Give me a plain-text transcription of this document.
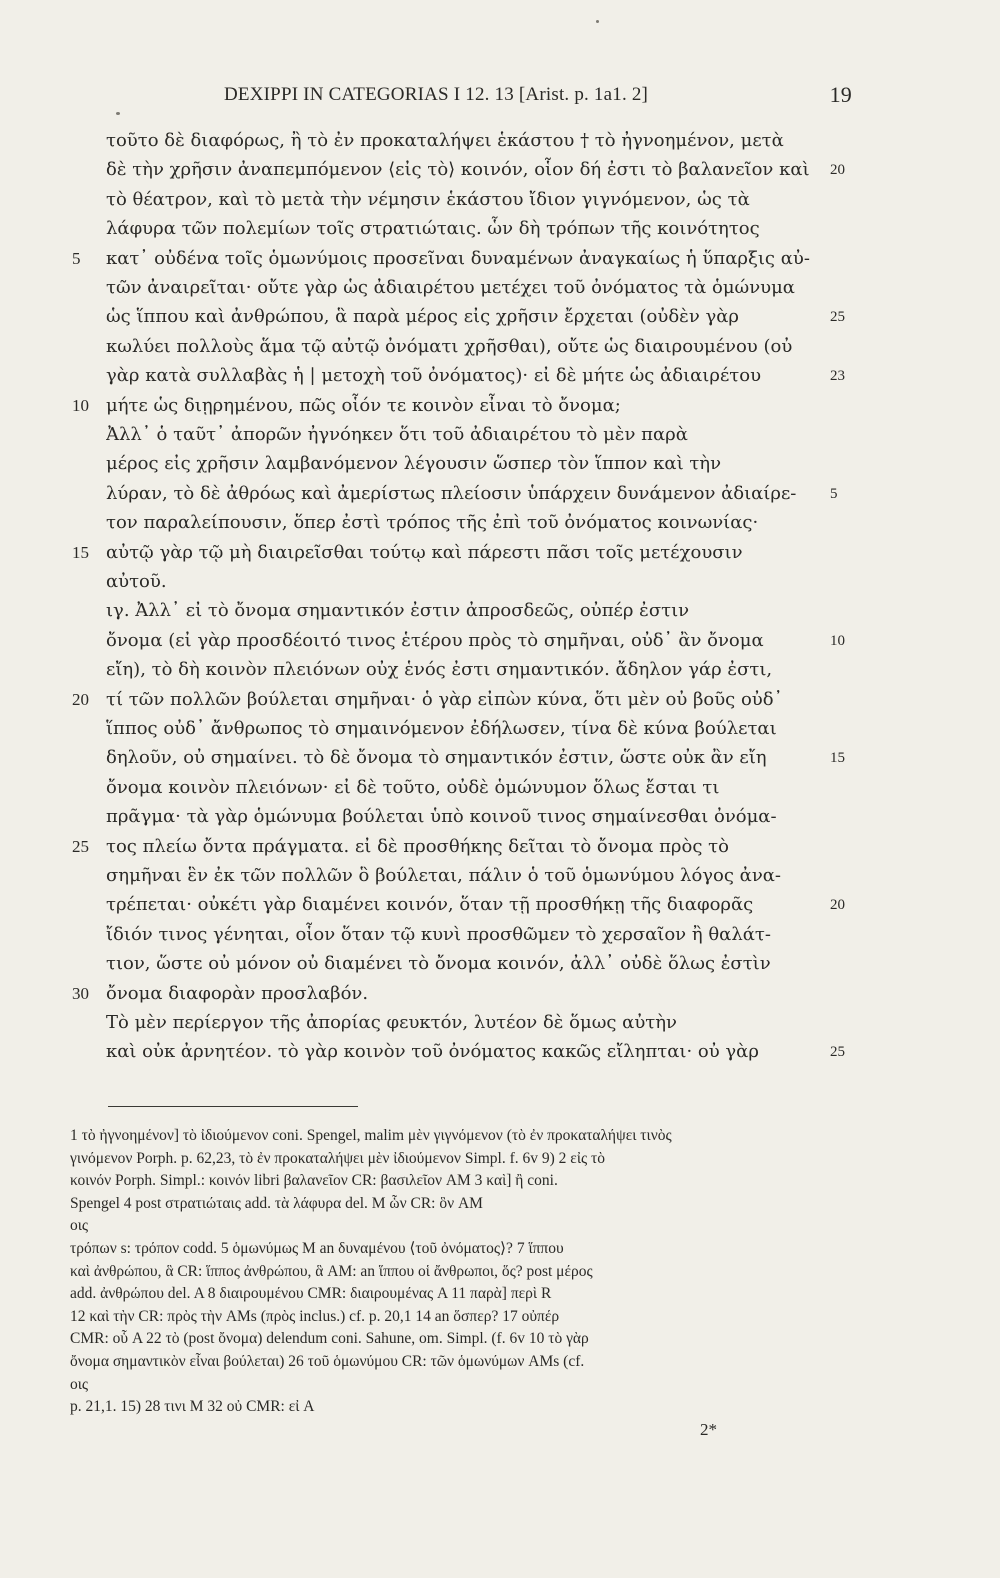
DEXIPPI IN CATEGORIAS I 12. 13 [Arist. p. 1a1. 2]	19
τοῦτο δὲ διαφόρως, ἢ τὸ ἐν προκαταλήψει ἑκάστου † τὸ ἠγνοημένον, μετὰ
δὲ τὴν χρῆσιν ἀναπεμπόμενον ⟨εἰς τὸ⟩ κοινόν, οἷον δή ἐστι τὸ βαλανεῖον καὶ	20
τὸ θέατρον, καὶ τὸ μετὰ τὴν νέμησιν ἑκάστου ἴδιον γιγνόμενον, ὡς τὰ
λάφυρα τῶν πολεμίων τοῖς στρατιώταις. ὧν δὴ τρόπων τῆς κοινότητος
5	κατ᾽ οὐδένα τοῖς ὁμωνύμοις προσεῖναι δυναμένων ἀναγκαίως ἡ ὕπαρξις αὐ-
τῶν ἀναιρεῖται· οὔτε γὰρ ὡς ἀδιαιρέτου μετέχει τοῦ ὀνόματος τὰ ὁμώνυμα
ὡς ἵππου καὶ ἀνθρώπου, ἃ παρὰ μέρος εἰς χρῆσιν ἔρχεται (οὐδὲν γὰρ	25
κωλύει πολλοὺς ἅμα τῷ αὐτῷ ὀνόματι χρῆσθαι), οὔτε ὡς διαιρουμένου (οὐ
γὰρ κατὰ συλλαβὰς ἡ | μετοχὴ τοῦ ὀνόματος)· εἰ δὲ μήτε ὡς ἀδιαιρέτου	23
10 μήτε ὡς διῃρημένου, πῶς οἷόν τε κοινὸν εἶναι τὸ ὄνομα;
Ἀλλ᾽ ὁ ταῦτ᾽ ἀπορῶν ἠγνόηκεν ὅτι τοῦ ἀδιαιρέτου τὸ μὲν παρὰ
μέρος εἰς χρῆσιν λαμβανόμενον λέγουσιν ὥσπερ τὸν ἵππον καὶ τὴν
λύραν, τὸ δὲ ἀθρόως καὶ ἀμερίστως πλείοσιν ὑπάρχειν δυνάμενον ἀδιαίρε-	5
τον παραλείπουσιν, ὅπερ ἐστὶ τρόπος τῆς ἐπὶ τοῦ ὀνόματος κοινωνίας·
15 αὐτῷ γὰρ τῷ μὴ διαιρεῖσθαι τούτῳ καὶ πάρεστι πᾶσι τοῖς μετέχουσιν
αὐτοῦ.
ιγ. Ἀλλ᾽ εἰ τὸ ὄνομα σημαντικόν ἐστιν ἀπροσδεῶς, οὐπέρ ἐστιν
ὄνομα (εἰ γὰρ προσδέοιτό τινος ἑτέρου πρὸς τὸ σημῆναι, οὐδ᾽ ἂν ὄνομα	10
εἴη), τὸ δὴ κοινὸν πλειόνων οὐχ ἑνός ἐστι σημαντικόν. ἄδηλον γάρ ἐστι,
20 τί τῶν πολλῶν βούλεται σημῆναι· ὁ γὰρ εἰπὼν κύνα, ὅτι μὲν οὐ βοῦς οὐδ᾽
ἵππος οὐδ᾽ ἄνθρωπος τὸ σημαινόμενον ἐδήλωσεν, τίνα δὲ κύνα βούλεται
δηλοῦν, οὐ σημαίνει. τὸ δὲ ὄνομα τὸ σημαντικόν ἐστιν, ὥστε οὐκ ἂν εἴη	15
ὄνομα κοινὸν πλειόνων· εἰ δὲ τοῦτο, οὐδὲ ὁμώνυμον ὅλως ἔσται τι
πρᾶγμα· τὰ γὰρ ὁμώνυμα βούλεται ὑπὸ κοινοῦ τινος σημαίνεσθαι ὀνόμα-
25 τος πλείω ὄντα πράγματα. εἰ δὲ προσθήκης δεῖται τὸ ὄνομα πρὸς τὸ
σημῆναι ἓν ἐκ τῶν πολλῶν ὃ βούλεται, πάλιν ὁ τοῦ ὁμωνύμου λόγος ἀνα-
τρέπεται· οὐκέτι γὰρ διαμένει κοινόν, ὅταν τῇ προσθήκῃ τῆς διαφορᾶς	20
ἴδιόν τινος γένηται, οἷον ὅταν τῷ κυνὶ προσθῶμεν τὸ χερσαῖον ἢ θαλάτ-
τιον, ὥστε οὐ μόνον οὐ διαμένει τὸ ὄνομα κοινόν, ἀλλ᾽ οὐδὲ ὅλως ἐστὶν
30 ὄνομα διαφορὰν προσλαβόν.
Τὸ μὲν περίεργον τῆς ἀπορίας φευκτόν, λυτέον δὲ ὅμως αὐτὴν
καὶ οὐκ ἀρνητέον. τὸ γὰρ κοινὸν τοῦ ὀνόματος κακῶς εἴληπται· οὐ γὰρ	25
1 τὸ ἠγνοημένον] τὸ ἰδιούμενον coni. Spengel, malim μὲν γιγνόμενον (τὸ ἐν προκαταλήψει τινὸς
γινόμενον Porph. p. 62,23, τὸ ἐν προκαταλήψει μὲν ἰδιούμενον Simpl. f. 6v 9) 2 εἰς τὸ
κοινόν Porph. Simpl.: κοινόν libri βαλανεῖον CR: βασιλεῖον AM 3 καὶ] ἢ coni.
Spengel 4 post στρατιώταις add. τὰ λάφυρα del. M ὧν CR: ὃν AM
οις
τρόπων s: τρόπον codd. 5 ὁμωνύμως M an δυναμένου ⟨τοῦ ὀνόματος⟩? 7 ἵππου
καὶ ἀνθρώπου, ἃ CR: ἵππος ἀνθρώπου, ἃ AM: an ἵππου οἱ ἄνθρωποι, ὅς? post μέρος
add. ἀνθρώπου del. A 8 διαιρουμένου CMR: διαιρουμένας A 11 παρὰ] περὶ R
12 καὶ τὴν CR: πρὸς τὴν AMs (πρὸς inclus.) cf. p. 20,1 14 an ὅσπερ? 17 οὐπέρ
CMR: οὗ A 22 τὸ (post ὄνομα) delendum coni. Sahune, om. Simpl. (f. 6v 10 τὸ γὰρ
ὄνομα σημαντικὸν εἶναι βούλεται) 26 τοῦ ὁμωνύμου CR: τῶν ὁμωνύμων AMs (cf.
οις
p. 21,1. 15) 28 τινι M 32 οὐ CMR: εἰ A
2*
